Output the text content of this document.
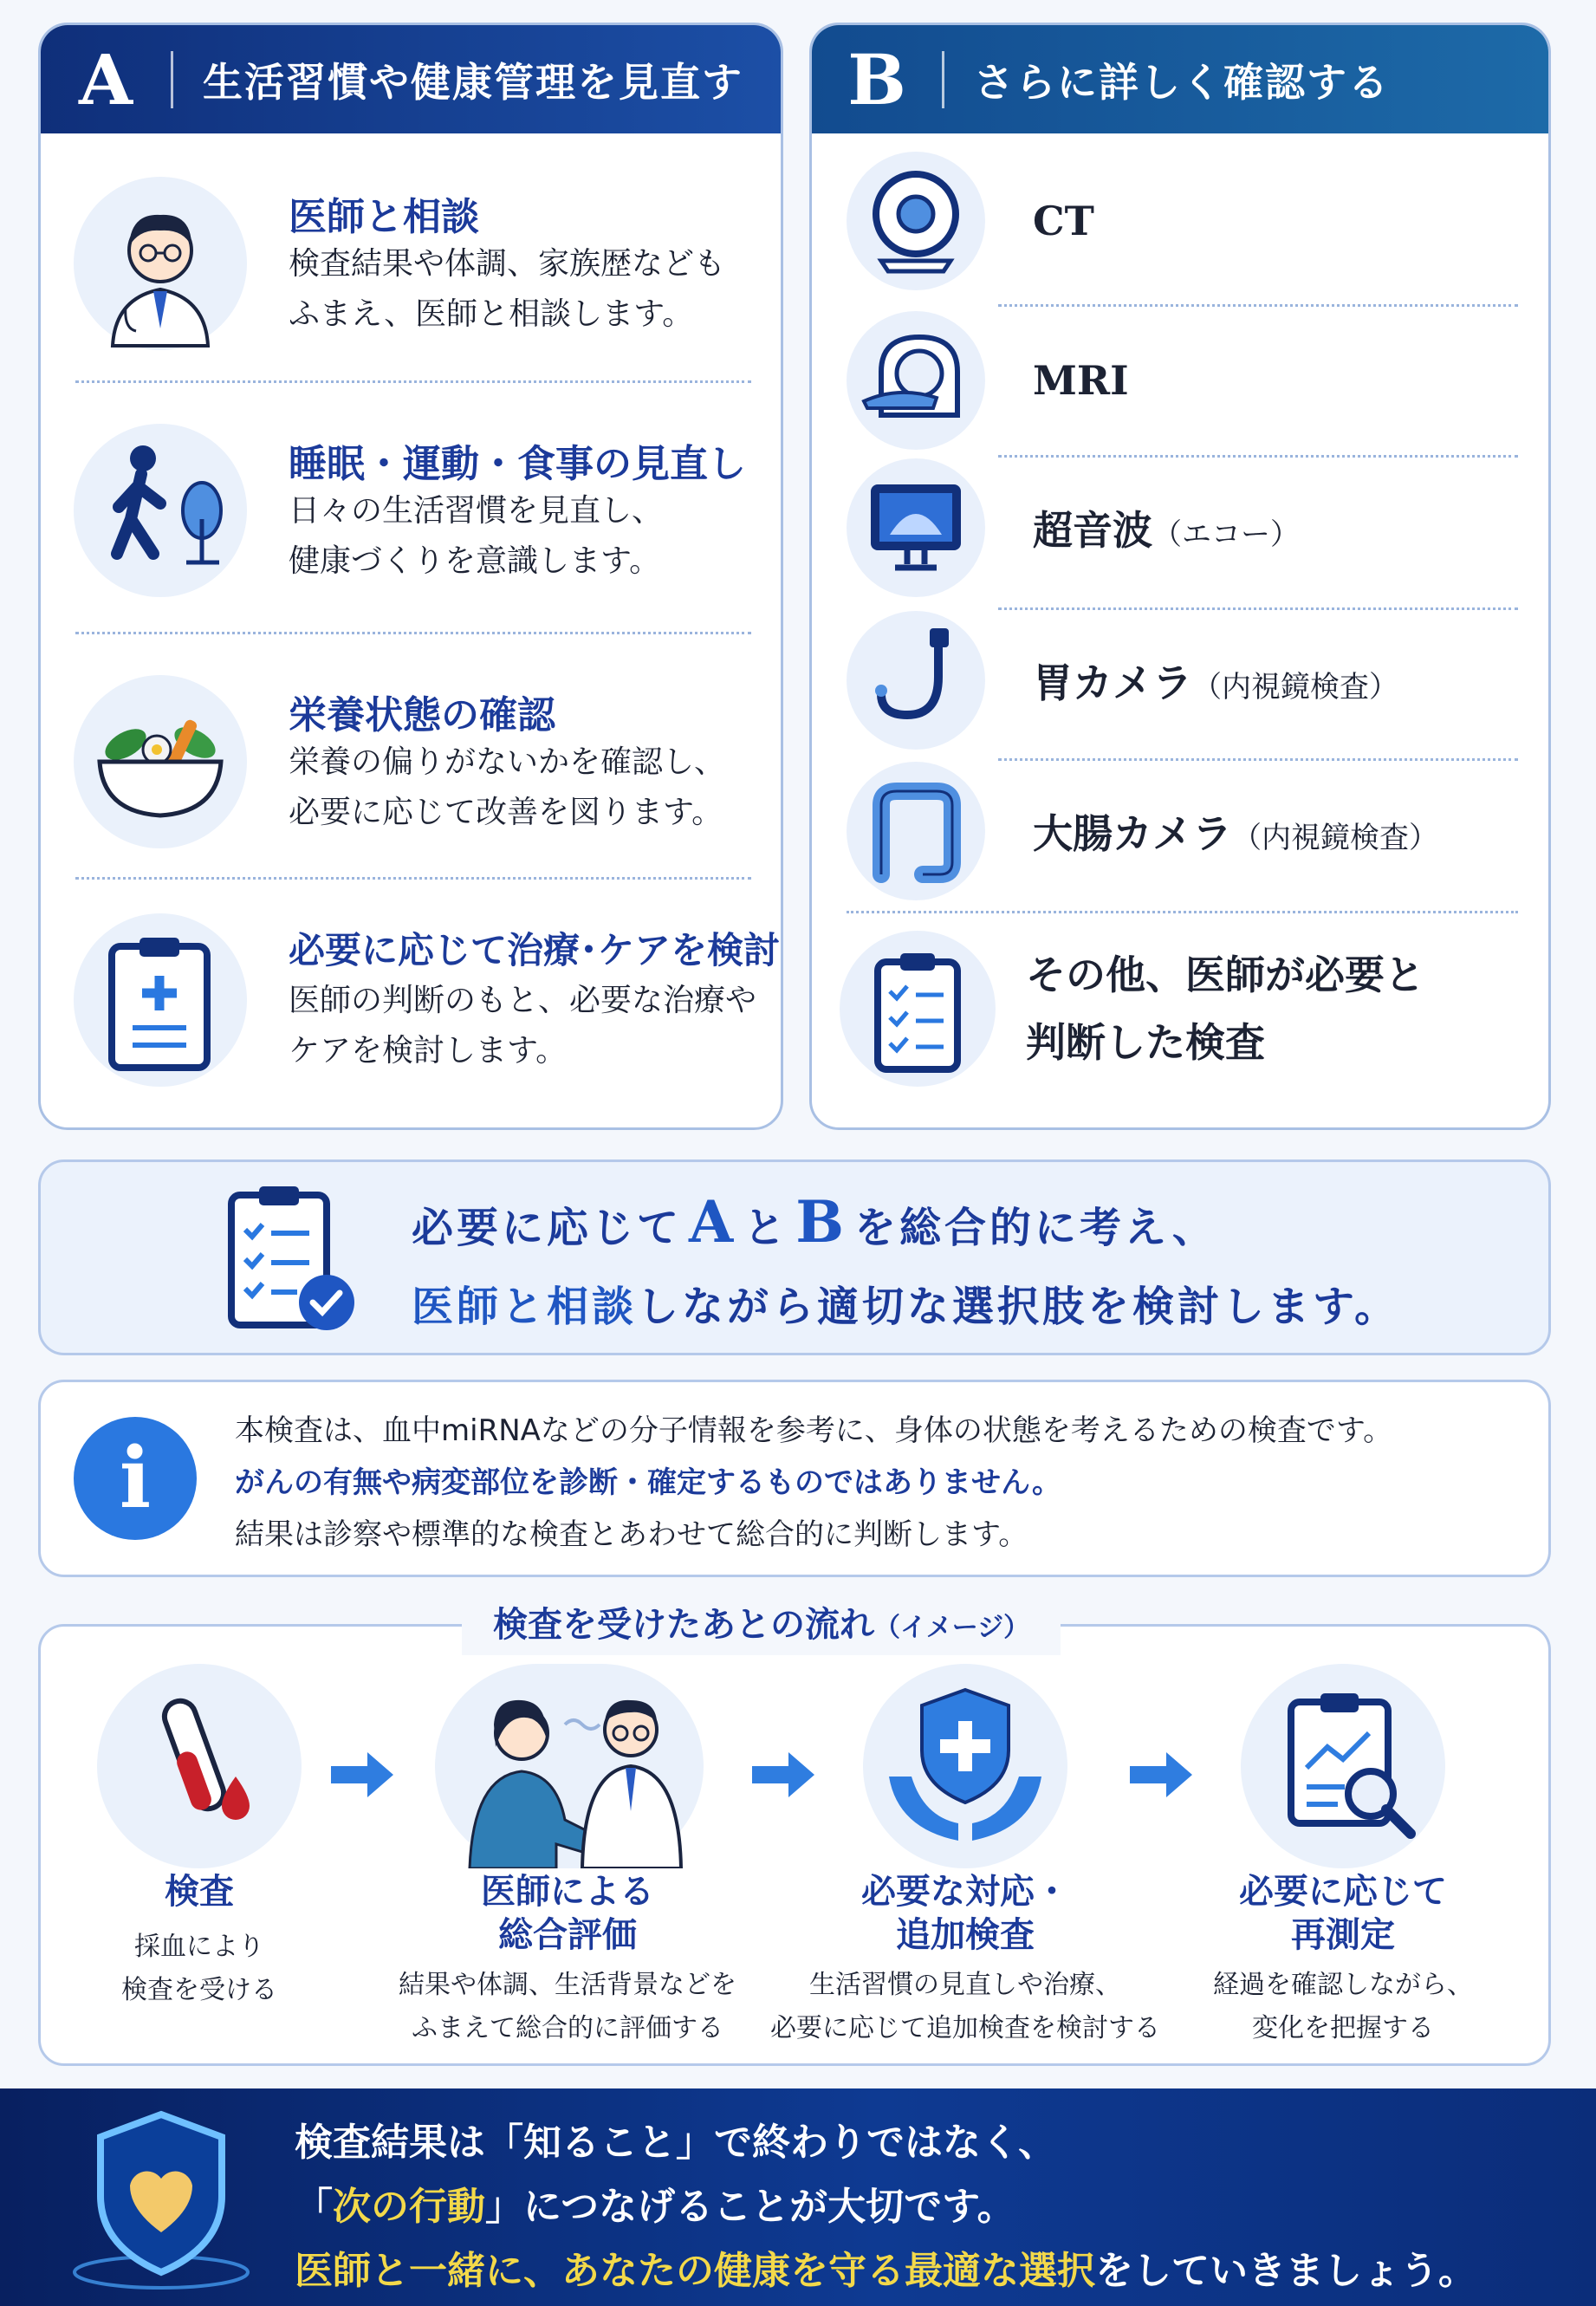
A	生活習慣や健康管理を見直す
医師と相談
検査結果や体調、家族歴なども
ふまえ、医師と相談します。
睡眠・運動・食事の見直し
日々の生活習慣を見直し、
健康づくりを意識します。
栄養状態の確認
栄養の偏りがないかを確認し、
必要に応じて改善を図ります。
必要に応じて治療･ケアを検討
医師の判断のもと、必要な治療や
ケアを検討します。
B	さらに詳しく確認する
CT
MRI
超音波（エコー）
胃カメラ（内視鏡検査）
大腸カメラ（内視鏡検査）
その他、医師が必要と
判断した検査
必要に応じて A と B を総合的に考え、
医師と相談しながら適切な選択肢を検討します。
i	本検査は、血中miRNAなどの分子情報を参考に、身体の状態を考えるための検査です。
がんの有無や病変部位を診断・確定するものではありません。
結果は診察や標準的な検査とあわせて総合的に判断します。
検査を受けたあとの流れ（イメージ）
検査
採血により
検査を受ける
医師による
総合評価
結果や体調、生活背景などを
ふまえて総合的に評価する
必要な対応・
追加検査
生活習慣の見直しや治療、
必要に応じて追加検査を検討する
必要に応じて
再測定
経過を確認しながら、
変化を把握する
検査結果は「知ること」で終わりではなく、
「次の行動」につなげることが大切です。
医師と一緒に、あなたの健康を守る最適な選択をしていきましょう。
